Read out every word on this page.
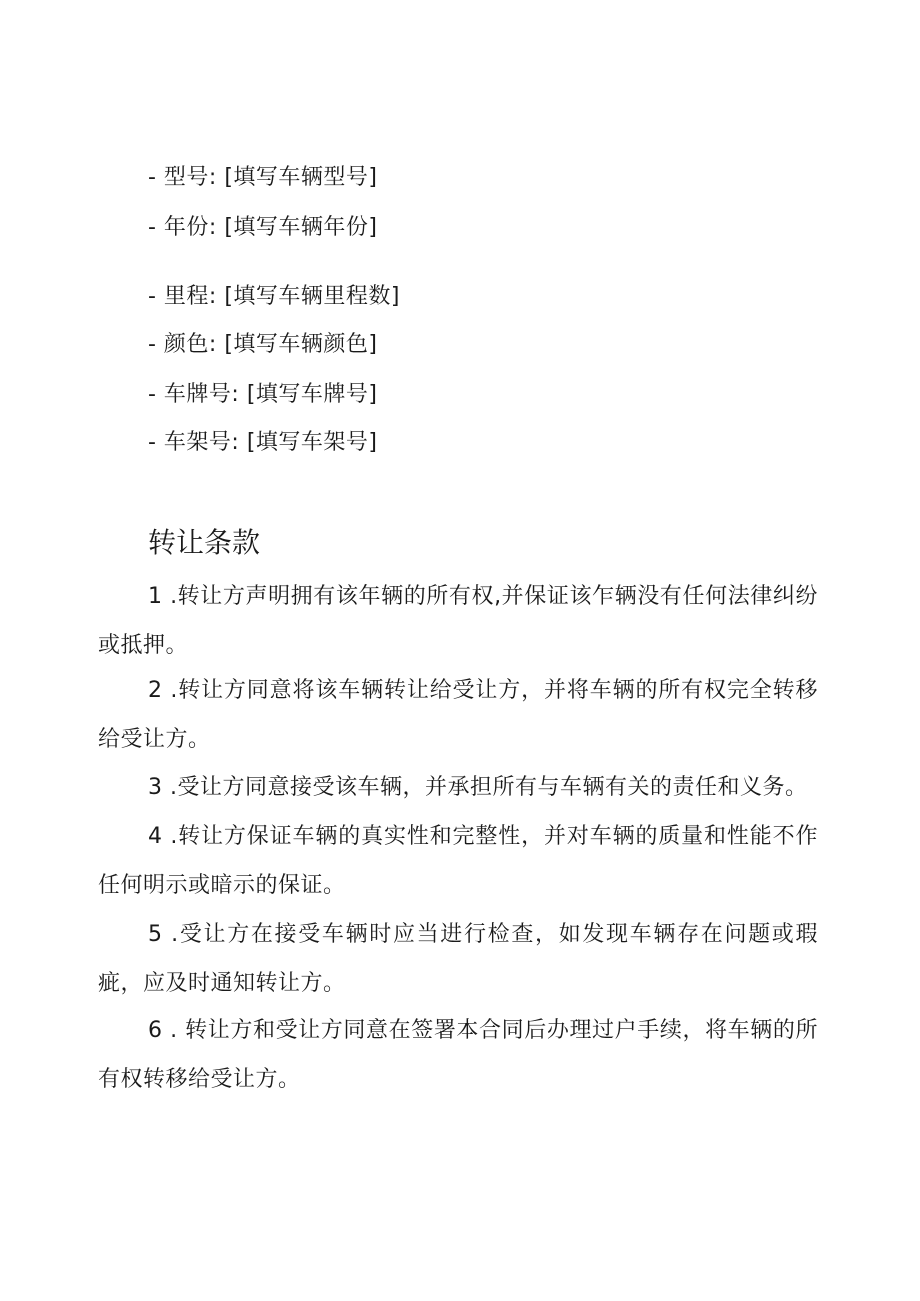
- 型号: [填写车辆型号]
- 年份: [填写车辆年份]
- 里程: [填写车辆里程数]
- 颜色: [填写车辆颜色]
- 车牌号: [填写车牌号]
- 车架号: [填写车架号]
转让条款
1 .转让方声明拥有该年辆的所有权,并保证该乍辆没有任何法律纠纷或抵押。
2 .转让方同意将该车辆转让给受让方，并将车辆的所有权完全转移给受让方。
3 .受让方同意接受该车辆，并承担所有与车辆有关的责任和义务。
4 .转让方保证车辆的真实性和完整性，并对车辆的质量和性能不作任何明示或暗示的保证。
5 .受让方在接受车辆时应当进行检查，如发现车辆存在问题或瑕疵，应及时通知转让方。
6 . 转让方和受让方同意在签署本合同后办理过户手续，将车辆的所有权转移给受让方。
